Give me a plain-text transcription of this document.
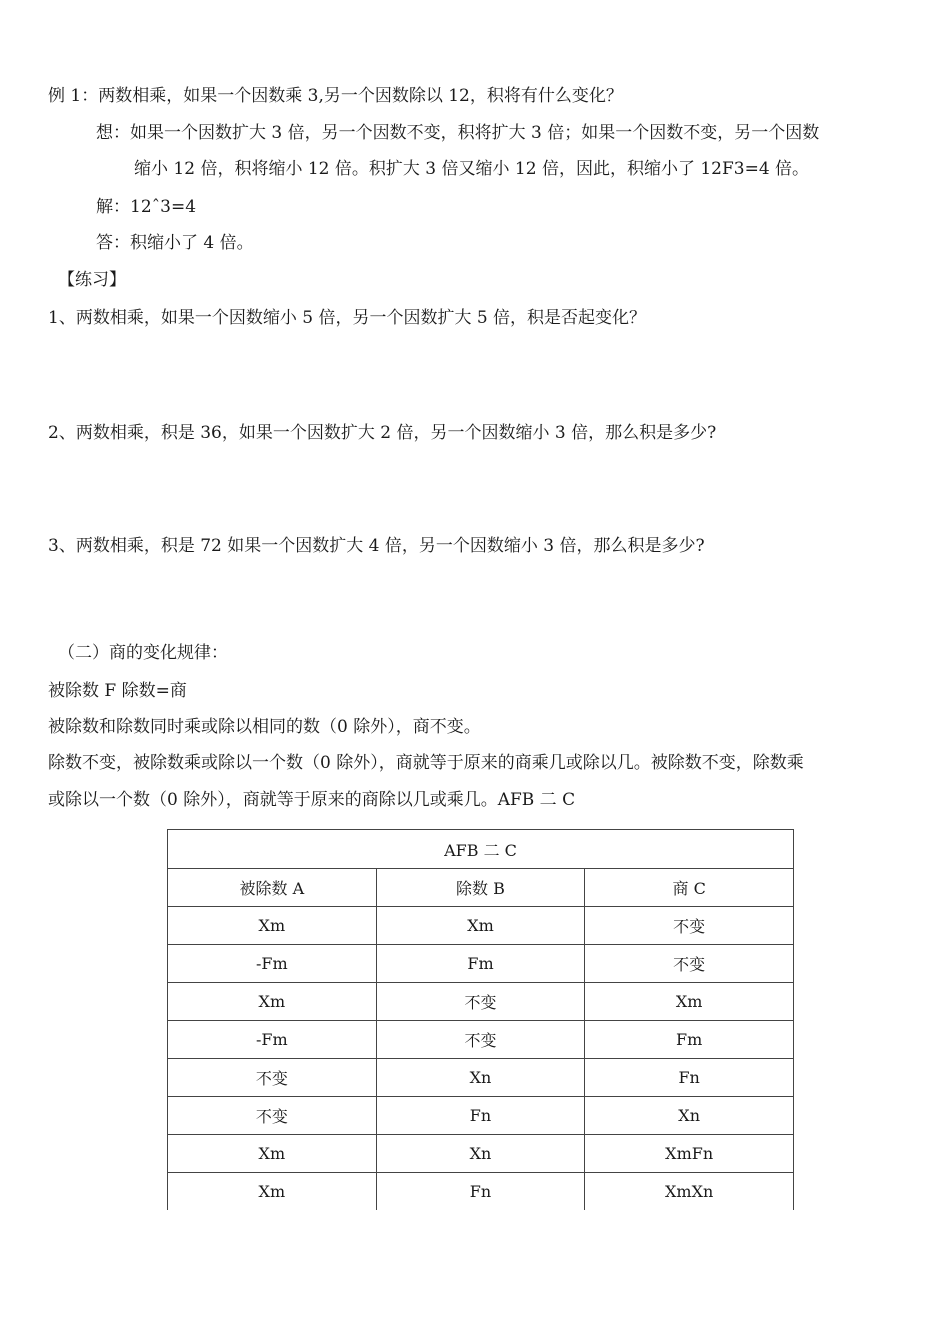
例 1：两数相乘，如果一个因数乘 3,另一个因数除以 12，积将有什么变化？
想：如果一个因数扩大 3 倍，另一个因数不变，积将扩大 3 倍；如果一个因数不变，另一个因数
缩小 12 倍，积将缩小 12 倍。积扩大 3 倍又缩小 12 倍，因此，积缩小了 12F3=4 倍。
解：12ˆ3=4
答：积缩小了 4 倍。
【练习】
1、两数相乘，如果一个因数缩小 5 倍，另一个因数扩大 5 倍，积是否起变化？
2、两数相乘，积是 36，如果一个因数扩大 2 倍，另一个因数缩小 3 倍，那么积是多少?
3、两数相乘，积是 72 如果一个因数扩大 4 倍，另一个因数缩小 3 倍，那么积是多少?
（二）商的变化规律：
被除数 F 除数=商
被除数和除数同时乘或除以相同的数（0 除外），商不变。
除数不变，被除数乘或除以一个数（0 除外），商就等于原来的商乘几或除以几。被除数不变，除数乘
或除以一个数（0 除外），商就等于原来的商除以几或乘几。AFB 二 C
AFB 二 C		
被除数 A	除数 B	商 C
Xm	Xm	不变
-Fm	Fm	不变
Xm	不变	Xm
-Fm	不变	Fm
不变	Xn	Fn
不变	Fn	Xn
Xm	Xn	XmFn
Xm	Fn	XmXn
